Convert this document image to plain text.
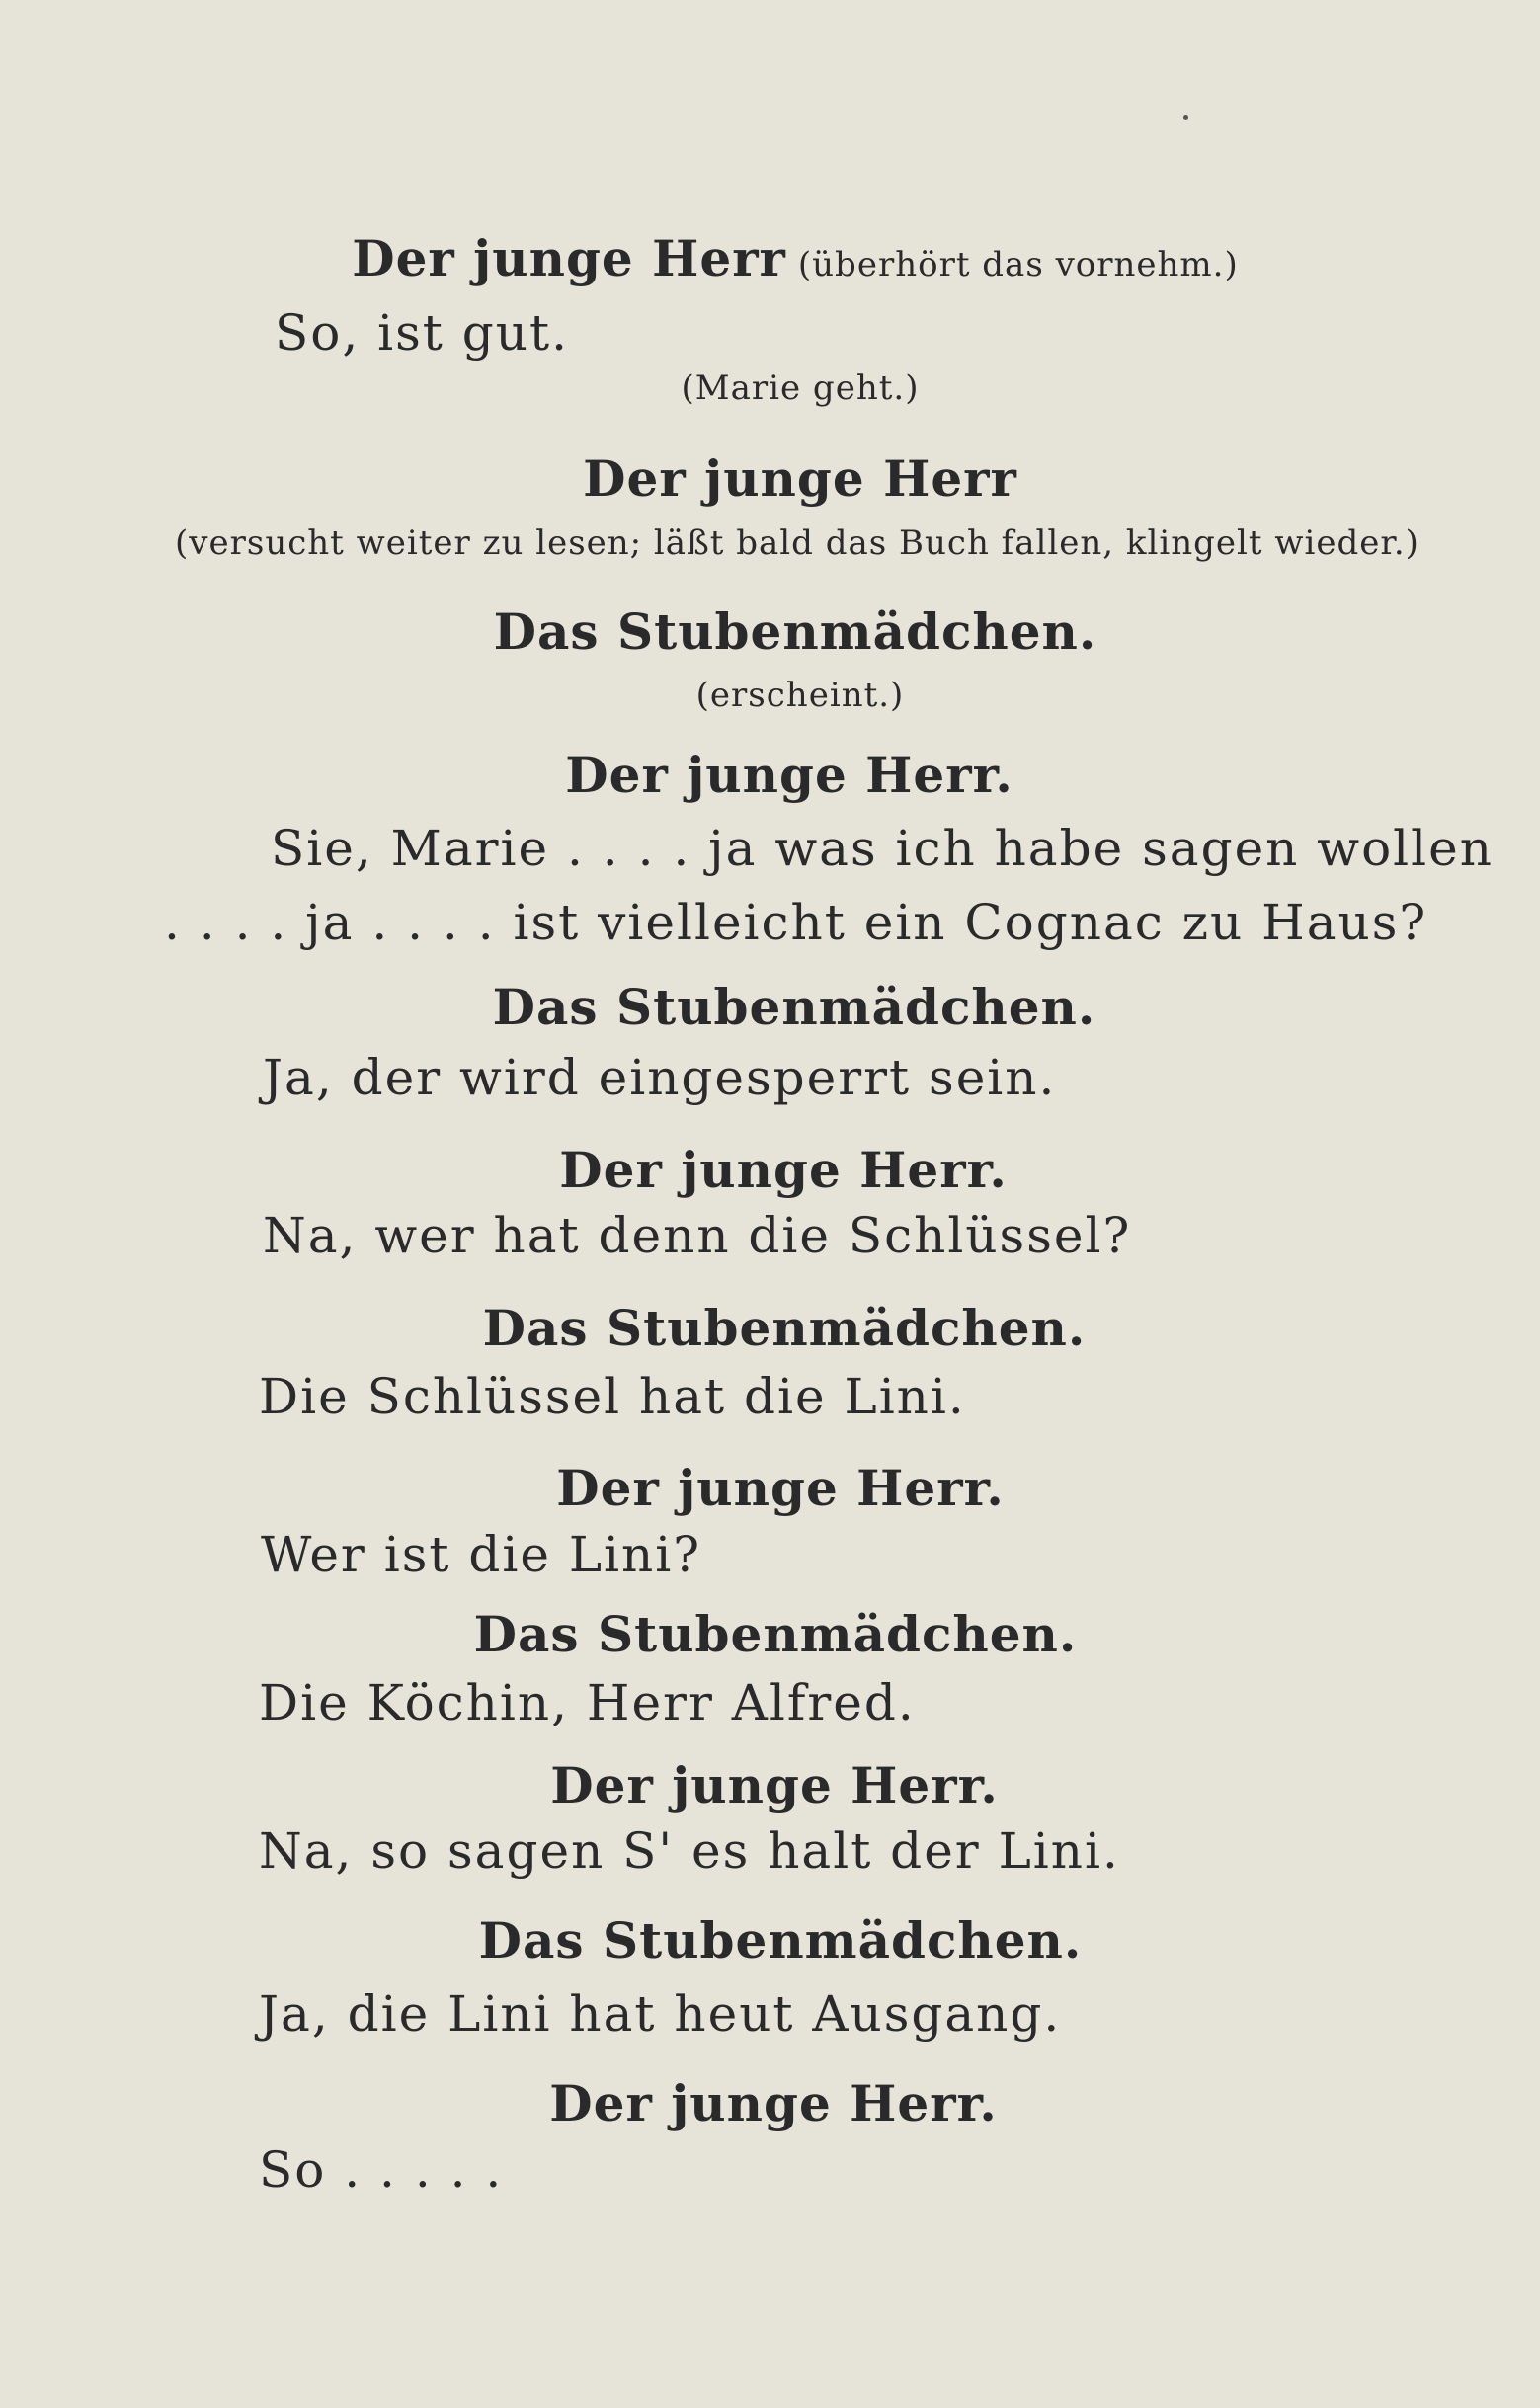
Der junge Herr (überhört das vornehm.)
So, ist gut.
(Marie geht.)
Der junge Herr
(versucht weiter zu lesen; läßt bald das Buch fallen, klingelt wieder.)
Das Stubenmädchen.
(erscheint.)
Der junge Herr.
Sie, Marie . . . . ja was ich habe sagen wollen
. . . . ja . . . . ist vielleicht ein Cognac zu Haus?
Das Stubenmädchen.
Ja, der wird eingesperrt sein.
Der junge Herr.
Na, wer hat denn die Schlüssel?
Das Stubenmädchen.
Die Schlüssel hat die Lini.
Der junge Herr.
Wer ist die Lini?
Das Stubenmädchen.
Die Köchin, Herr Alfred.
Der junge Herr.
Na, so sagen S' es halt der Lini.
Das Stubenmädchen.
Ja, die Lini hat heut Ausgang.
Der junge Herr.
So . . . . .
